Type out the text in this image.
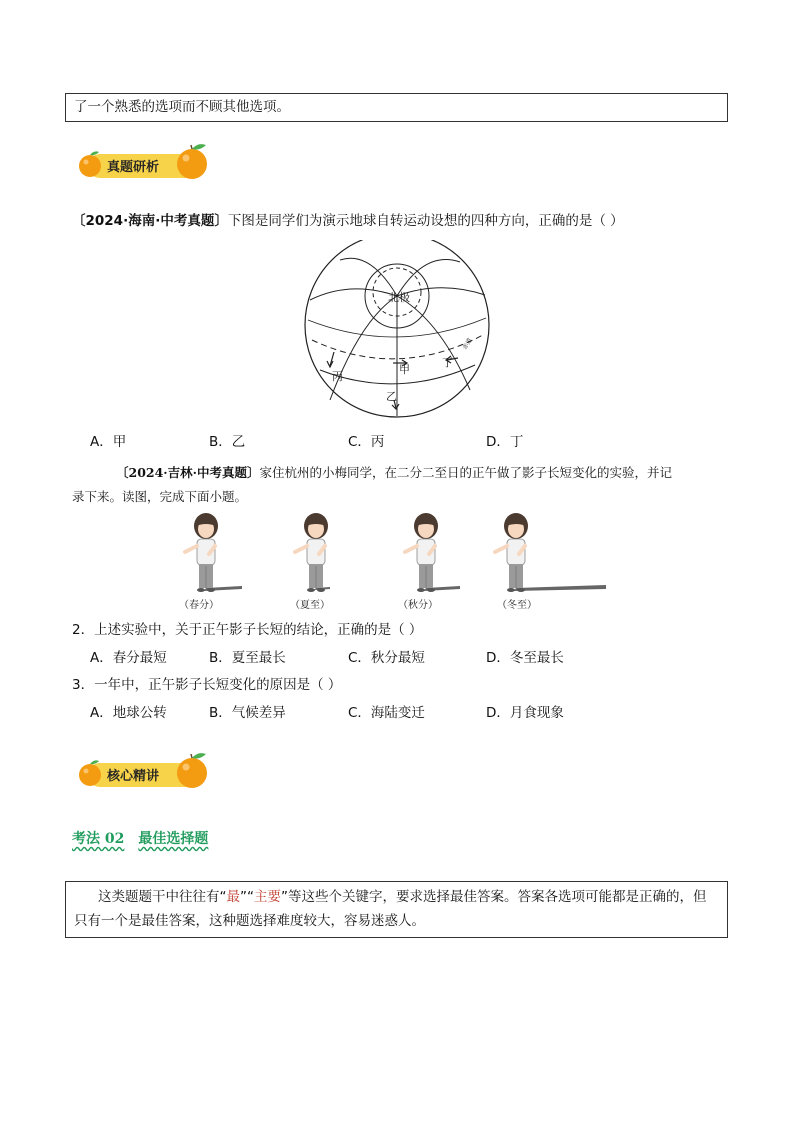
了一个熟悉的选项而不顾其他选项。
真题研析
〔2024·海南·中考真题〕下图是同学们为演示地球自转运动设想的四种方向，正确的是（ ）
北极
甲
乙
丙
丁
赤道
A．甲	B．乙	C．丙	D．丁
〔2024·吉林·中考真题〕家住杭州的小梅同学，在二分二至日的正午做了影子长短变化的实验，并记
录下来。读图，完成下面小题。
（春分）	（夏至）	（秋分）	（冬至）
2．上述实验中，关于正午影子长短的结论，正确的是（ ）
A．春分最短	B．夏至最长	C．秋分最短	D．冬至最长
3．一年中，正午影子长短变化的原因是（ ）
A．地球公转	B．气候差异	C．海陆变迁	D．月食现象
核心精讲
考法 02 最佳选择题
这类题题干中往往有“最”“主要”等这些个关键字，要求选择最佳答案。答案各选项可能都是正确的，但只有一个是最佳答案，这种题选择难度较大，容易迷惑人。
